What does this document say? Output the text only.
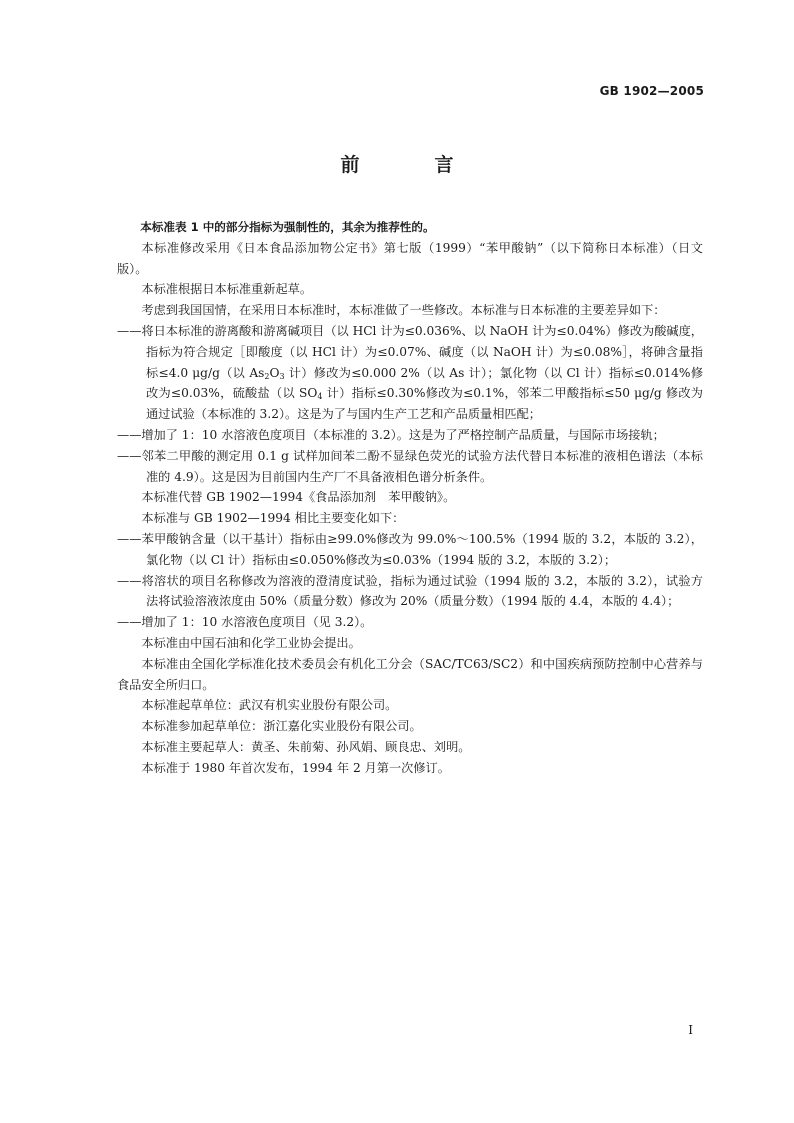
GB 1902—2005
前　言

本标准表 1 中的部分指标为强制性的，其余为推荐性的。

本标准修改采用《日本食品添加物公定书》第七版（1999）“苯甲酸钠”（以下简称日本标准）（日文版）。

本标准根据日本标准重新起草。

考虑到我国国情，在采用日本标准时，本标准做了一些修改。本标准与日本标准的主要差异如下：

——将日本标准的游离酸和游离碱项目（以 HCl 计为≤0.036%、以 NaOH 计为≤0.04%）修改为酸碱度，指标为符合规定［即酸度（以 HCl 计）为≤0.07%、碱度（以 NaOH 计）为≤0.08%］，将砷含量指标≤4.0 μg/g（以 $As_2O_3$ 计）修改为≤0.000 2%（以 As 计）；氯化物（以 Cl 计）指标≤0.014%修改为≤0.03%，硫酸盐（以 $SO_4$ 计）指标≤0.30%修改为≤0.1%，邻苯二甲酸指标≤50 μg/g 修改为通过试验（本标准的 3.2）。这是为了与国内生产工艺和产品质量相匹配；

——增加了 1：10 水溶液色度项目（本标准的 3.2）。这是为了严格控制产品质量，与国际市场接轨；

——邻苯二甲酸的测定用 0.1 g 试样加间苯二酚不显绿色荧光的试验方法代替日本标准的液相色谱法（本标准的 4.9）。这是因为目前国内生产厂不具备液相色谱分析条件。

本标准代替 GB 1902—1994《食品添加剂　苯甲酸钠》。

本标准与 GB 1902—1994 相比主要变化如下：

——苯甲酸钠含量（以干基计）指标由≥99.0%修改为 99.0%～100.5%（1994 版的 3.2，本版的 3.2），氯化物（以 Cl 计）指标由≤0.050%修改为≤0.03%（1994 版的 3.2，本版的 3.2）；

——将溶状的项目名称修改为溶液的澄清度试验，指标为通过试验（1994 版的 3.2，本版的 3.2），试验方法将试验溶液浓度由 50%（质量分数）修改为 20%（质量分数）（1994 版的 4.4，本版的 4.4）；

——增加了 1：10 水溶液色度项目（见 3.2）。

本标准由中国石油和化学工业协会提出。

本标准由全国化学标准化技术委员会有机化工分会（SAC/TC63/SC2）和中国疾病预防控制中心营养与食品安全所归口。

本标准起草单位：武汉有机实业股份有限公司。

本标准参加起草单位：浙江嘉化实业股份有限公司。

本标准主要起草人：黄圣、朱前菊、孙风娟、顾良忠、刘明。

本标准于 1980 年首次发布，1994 年 2 月第一次修订。

I
